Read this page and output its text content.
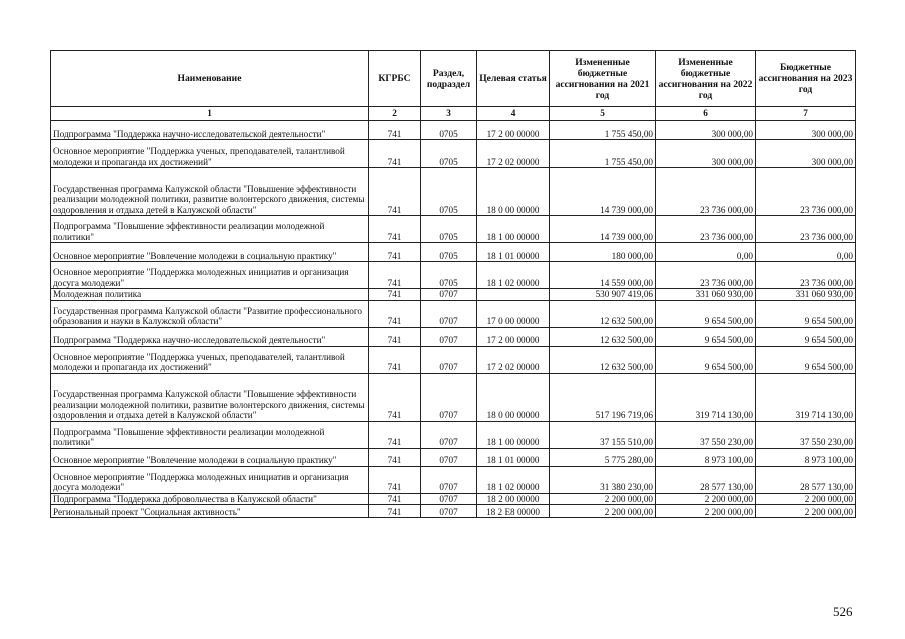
Наименование	КГРБС	Раздел, подраздел	Целевая статья	Измененные бюджетные ассигнования на 2021 год	Измененные бюджетные ассигнования на 2022 год	Бюджетные ассигнования на 2023 год
1	2	3	4	5	6	7
Подпрограмма "Поддержка научно-исследовательской деятельности"	741	0705	17 2 00 00000	1 755 450,00	300 000,00	300 000,00
Основное мероприятие "Поддержка ученых, преподавателей, талантливой молодежи и пропаганда их достижений"	741	0705	17 2 02 00000	1 755 450,00	300 000,00	300 000,00
Государственная программа Калужской области "Повышение эффективности реализации молодежной политики, развитие волонтерского движения, системы оздоровления и отдыха детей в Калужской области"	741	0705	18 0 00 00000	14 739 000,00	23 736 000,00	23 736 000,00
Подпрограмма "Повышение эффективности реализации молодежной политики"	741	0705	18 1 00 00000	14 739 000,00	23 736 000,00	23 736 000,00
Основное мероприятие "Вовлечение молодежи в социальную практику"	741	0705	18 1 01 00000	180 000,00	0,00	0,00
Основное мероприятие "Поддержка молодежных инициатив и организация досуга молодежи"	741	0705	18 1 02 00000	14 559 000,00	23 736 000,00	23 736 000,00
Молодежная политика	741	0707		530 907 419,06	331 060 930,00	331 060 930,00
Государственная программа Калужской области "Развитие профессионального образования и науки в Калужской области"	741	0707	17 0 00 00000	12 632 500,00	9 654 500,00	9 654 500,00
Подпрограмма "Поддержка научно-исследовательской деятельности"	741	0707	17 2 00 00000	12 632 500,00	9 654 500,00	9 654 500,00
Основное мероприятие "Поддержка ученых, преподавателей, талантливой молодежи и пропаганда их достижений"	741	0707	17 2 02 00000	12 632 500,00	9 654 500,00	9 654 500,00
Государственная программа Калужской области "Повышение эффективности реализации молодежной политики, развитие волонтерского движения, системы оздоровления и отдыха детей в Калужской области"	741	0707	18 0 00 00000	517 196 719,06	319 714 130,00	319 714 130,00
Подпрограмма "Повышение эффективности реализации молодежной политики"	741	0707	18 1 00 00000	37 155 510,00	37 550 230,00	37 550 230,00
Основное мероприятие "Вовлечение молодежи в социальную практику"	741	0707	18 1 01 00000	5 775 280,00	8 973 100,00	8 973 100,00
Основное мероприятие "Поддержка молодежных инициатив и организация досуга молодежи"	741	0707	18 1 02 00000	31 380 230,00	28 577 130,00	28 577 130,00
Подпрограмма "Поддержка добровольчества в Калужской области"	741	0707	18 2 00 00000	2 200 000,00	2 200 000,00	2 200 000,00
Региональный проект "Социальная активность"	741	0707	18 2 E8 00000	2 200 000,00	2 200 000,00	2 200 000,00
526
